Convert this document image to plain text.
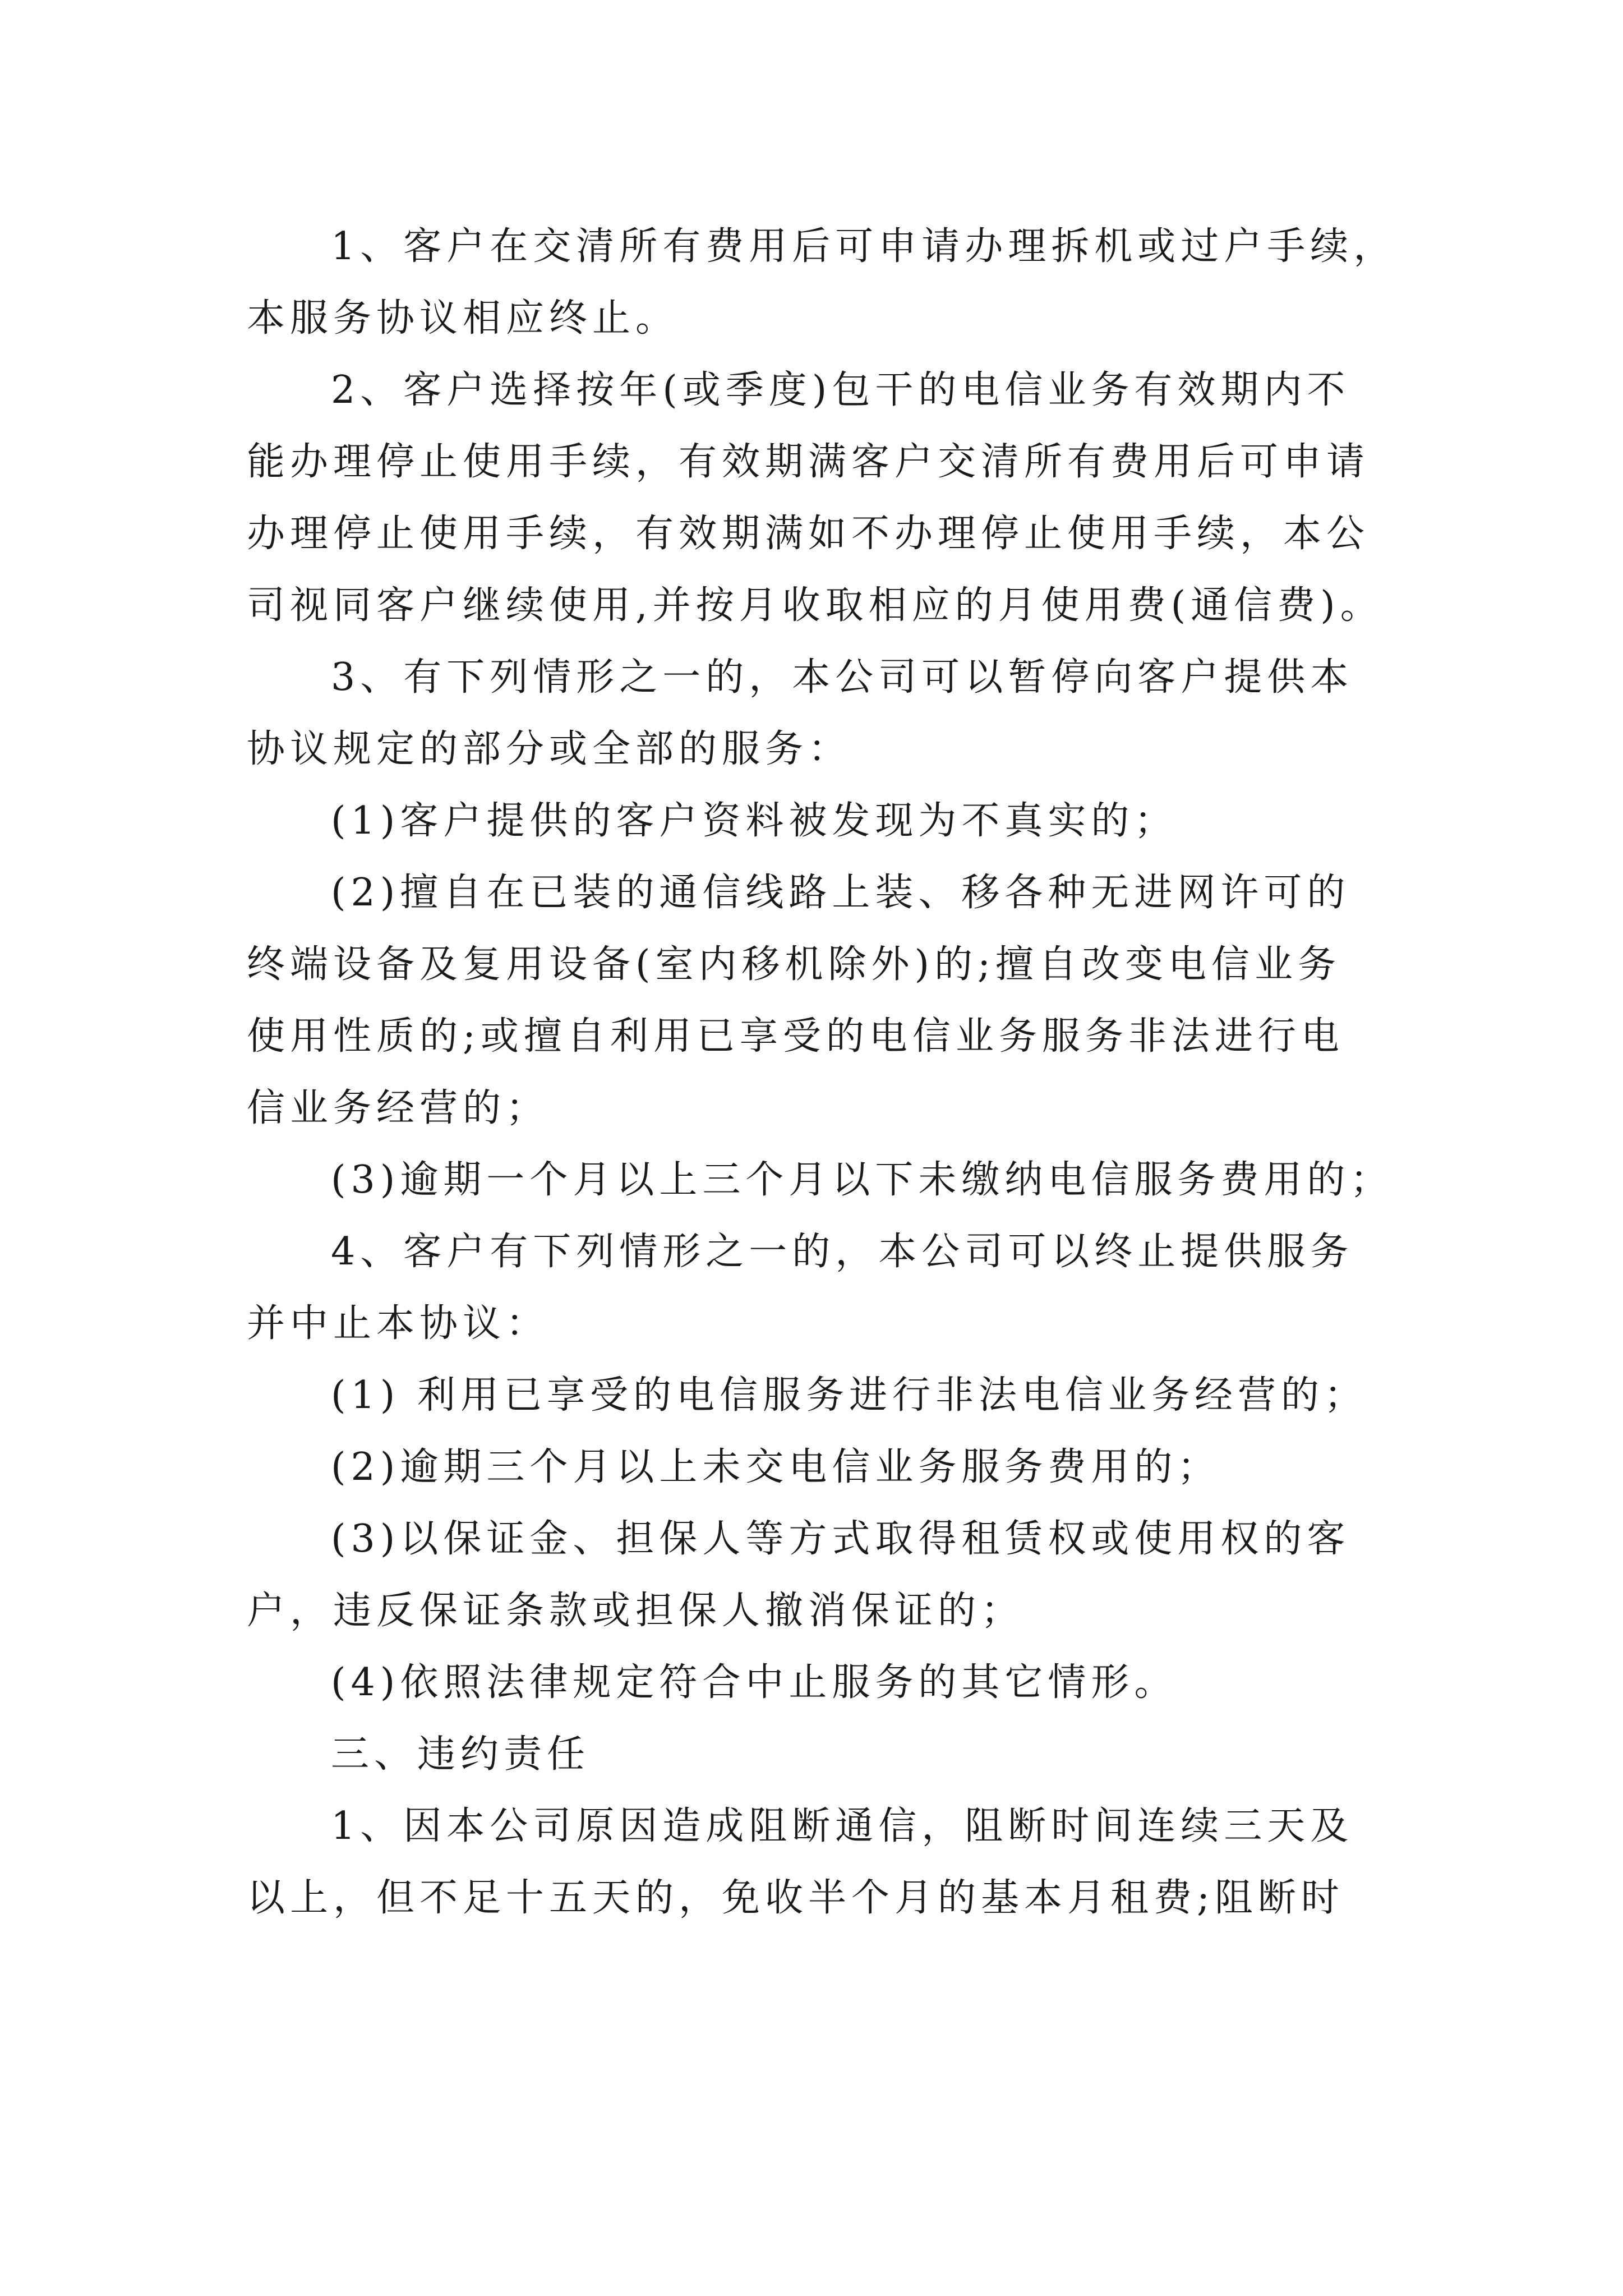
1、客户在交清所有费用后可申请办理拆机或过户手续，
本服务协议相应终止。
2、客户选择按年(或季度)包干的电信业务有效期内不
能办理停止使用手续，有效期满客户交清所有费用后可申请
办理停止使用手续，有效期满如不办理停止使用手续，本公
司视同客户继续使用,并按月收取相应的月使用费(通信费)。
3、有下列情形之一的，本公司可以暂停向客户提供本
协议规定的部分或全部的服务：
(1)客户提供的客户资料被发现为不真实的；
(2)擅自在已装的通信线路上装、移各种无进网许可的
终端设备及复用设备(室内移机除外)的;擅自改变电信业务
使用性质的;或擅自利用已享受的电信业务服务非法进行电
信业务经营的；
(3)逾期一个月以上三个月以下未缴纳电信服务费用的；
4、客户有下列情形之一的，本公司可以终止提供服务
并中止本协议：
(1) 利用已享受的电信服务进行非法电信业务经营的；
(2)逾期三个月以上未交电信业务服务费用的；
(3)以保证金、担保人等方式取得租赁权或使用权的客
户，违反保证条款或担保人撤消保证的；
(4)依照法律规定符合中止服务的其它情形。
三、违约责任
1、因本公司原因造成阻断通信，阻断时间连续三天及
以上，但不足十五天的，免收半个月的基本月租费;阻断时
